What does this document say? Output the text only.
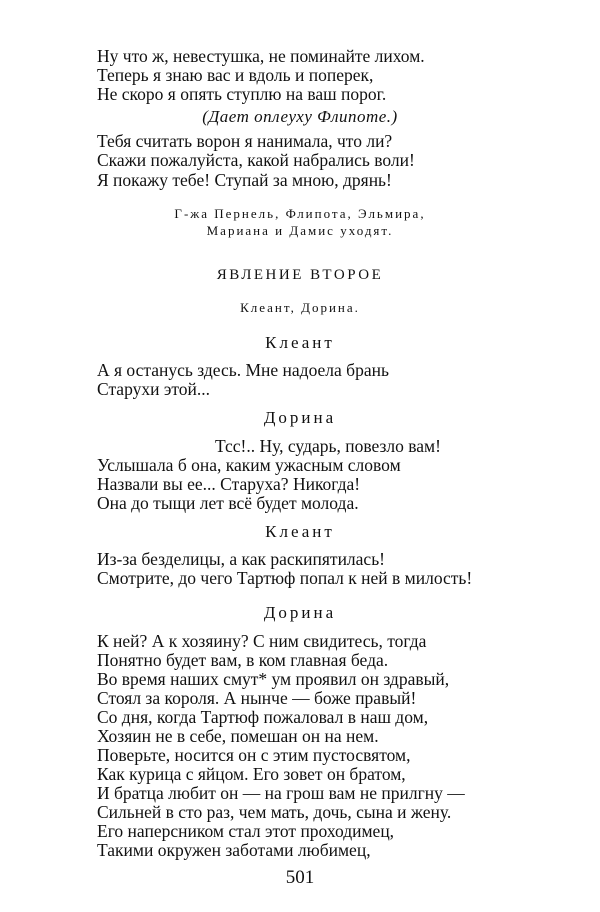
Ну что ж, невестушка, не поминайте лихом.
Теперь я знаю вас и вдоль и поперек,
Не скоро я опять ступлю на ваш порог.
(Дает оплеуху Флипоте.)
Тебя считать ворон я нанимала, что ли?
Скажи пожалуйста, какой набрались воли!
Я покажу тебе! Ступай за мною, дрянь!
Г-жа Пернель, Флипота, Эльмира,
Мариана и Дамис уходят.
ЯВЛЕНИЕ ВТОРОЕ
Клеант, Дорина.
Клеант
А я останусь здесь. Мне надоела брань
Старухи этой...
Дорина
Тсс!.. Ну, сударь, повезло вам!
Услышала б она, каким ужасным словом
Назвали вы ее... Старуха? Никогда!
Она до тыщи лет всё будет молода.
Клеант
Из-за безделицы, а как раскипятилась!
Смотрите, до чего Тартюф попал к ней в милость!
Дорина
К ней? А к хозяину? С ним свидитесь, тогда
Понятно будет вам, в ком главная беда.
Во время наших смут* ум проявил он здравый,
Стоял за короля. А нынче — боже правый!
Со дня, когда Тартюф пожаловал в наш дом,
Хозяин не в себе, помешан он на нем.
Поверьте, носится он с этим пустосвятом,
Как курица с яйцом. Его зовет он братом,
И братца любит он — на грош вам не прилгну —
Сильней в сто раз, чем мать, дочь, сына и жену.
Его наперсником стал этот проходимец,
Такими окружен заботами любимец,
501
